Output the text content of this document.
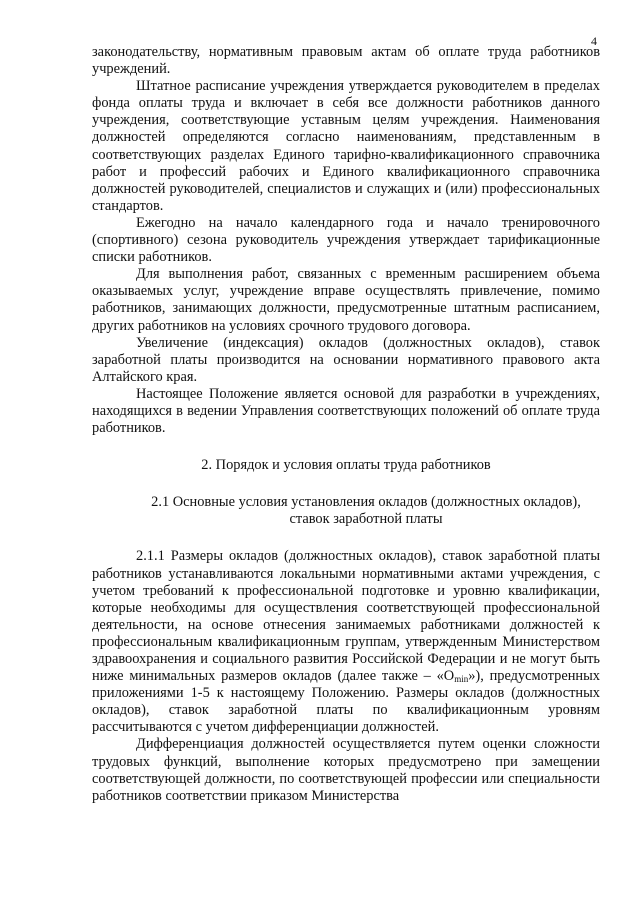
4

законодательству, нормативным правовым актам об оплате труда работников учреждений.

Штатное расписание учреждения утверждается руководителем в пределах фонда оплаты труда и включает в себя все должности работников данного учреждения, соответствующие уставным целям учреждения. Наименования должностей определяются согласно наименованиям, представленным в соответствующих разделах Единого тарифно-квалификационного справочника работ и профессий рабочих и Единого квалификационного справочника должностей руководителей, специалистов и служащих и (или) профессиональных стандартов.

Ежегодно на начало календарного года и начало тренировочного (спортивного) сезона руководитель учреждения утверждает тарификационные списки работников.

Для выполнения работ, связанных с временным расширением объема оказываемых услуг, учреждение вправе осуществлять привлечение, помимо работников, занимающих должности, предусмотренные штатным расписанием, других работников на условиях срочного трудового договора.

Увеличение (индексация) окладов (должностных окладов), ставок заработной платы производится на основании нормативного правового акта Алтайского края.

Настоящее Положение является основой для разработки в учреждениях, находящихся в ведении Управления соответствующих положений об оплате труда работников.

2. Порядок и условия оплаты труда работников
2.1 Основные условия установления окладов (должностных окладов),
ставок заработной платы

2.1.1 Размеры окладов (должностных окладов), ставок заработной платы работников устанавливаются локальными нормативными актами учреждения, с учетом требований к профессиональной подготовке и уровню квалификации, которые необходимы для осуществления соответствующей профессиональной деятельности, на основе отнесения занимаемых работниками должностей к профессиональным квалификационным группам, утвержденным Министерством здравоохранения и социального развития Российской Федерации и не могут быть ниже минимальных размеров окладов (далее также – «$О_{min}$»), предусмотренных приложениями 1-5 к настоящему Положению. Размеры окладов (должностных окладов), ставок заработной платы по квалификационным уровням рассчитываются с учетом дифференциации должностей.

Дифференциация должностей осуществляется путем оценки сложности трудовых функций, выполнение которых предусмотрено при замещении соответствующей должности, по соответствующей профессии или специальности работников соответствии приказом Министерства
